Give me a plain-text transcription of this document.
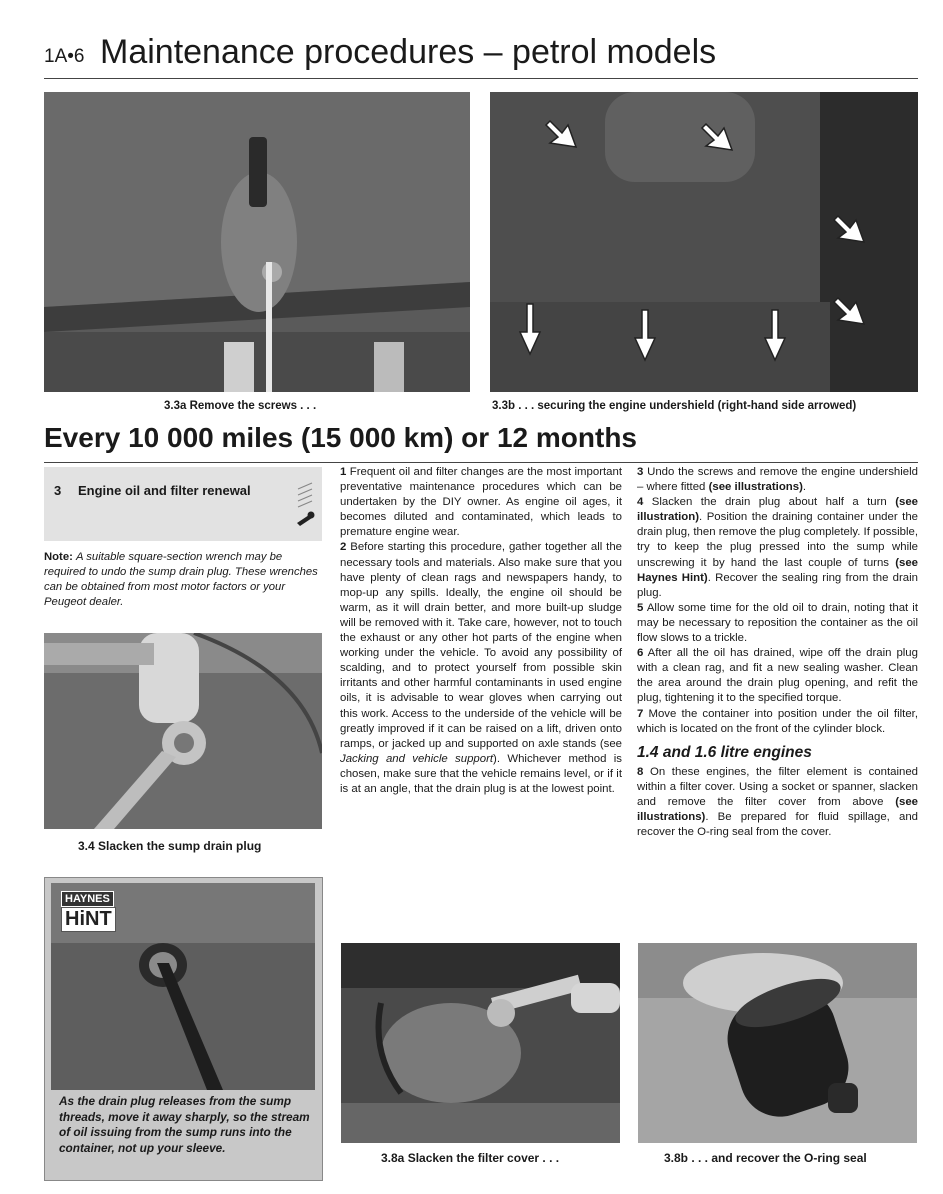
1A•6 Maintenance procedures – petrol models
3.3a Remove the screws . . .	3.3b . . . securing the engine undershield (right-hand side arrowed)
Every 10 000 miles (15 000 km) or 12 months
3 Engine oil and filter renewal
Note: A suitable square-section wrench may be required to undo the sump drain plug. These wrenches can be obtained from most motor factors or your Peugeot dealer.
3.4 Slacken the sump drain plug
HAYNES
HiNT
As the drain plug releases from the sump threads, move it away sharply, so the stream of oil issuing from the sump runs into the container, not up your sleeve.

1 Frequent oil and filter changes are the most important preventative maintenance procedures which can be undertaken by the DIY owner. As engine oil ages, it becomes diluted and contaminated, which leads to premature engine wear.

2 Before starting this procedure, gather together all the necessary tools and materials. Also make sure that you have plenty of clean rags and newspapers handy, to mop-up any spills. Ideally, the engine oil should be warm, as it will drain better, and more built-up sludge will be removed with it. Take care, however, not to touch the exhaust or any other hot parts of the engine when working under the vehicle. To avoid any possibility of scalding, and to protect yourself from possible skin irritants and other harmful contaminants in used engine oils, it is advisable to wear gloves when carrying out this work. Access to the underside of the vehicle will be greatly improved if it can be raised on a lift, driven onto ramps, or jacked up and supported on axle stands (see Jacking and vehicle support). Whichever method is chosen, make sure that the vehicle remains level, or if it is at an angle, that the drain plug is at the lowest point.

3.8a Slacken the filter cover . . .	3.8b . . . and recover the O-ring seal

3 Undo the screws and remove the engine undershield – where fitted (see illustrations).

4 Slacken the drain plug about half a turn (see illustration). Position the draining container under the drain plug, then remove the plug completely. If possible, try to keep the plug pressed into the sump while unscrewing it by hand the last couple of turns (see Haynes Hint). Recover the sealing ring from the drain plug.

5 Allow some time for the old oil to drain, noting that it may be necessary to reposition the container as the oil flow slows to a trickle.

6 After all the oil has drained, wipe off the drain plug with a clean rag, and fit a new sealing washer. Clean the area around the drain plug opening, and refit the plug, tightening it to the specified torque.

7 Move the container into position under the oil filter, which is located on the front of the cylinder block.

1.4 and 1.6 litre engines

8 On these engines, the filter element is contained within a filter cover. Using a socket or spanner, slacken and remove the filter cover from above (see illustrations). Be prepared for fluid spillage, and recover the O-ring seal from the cover.
